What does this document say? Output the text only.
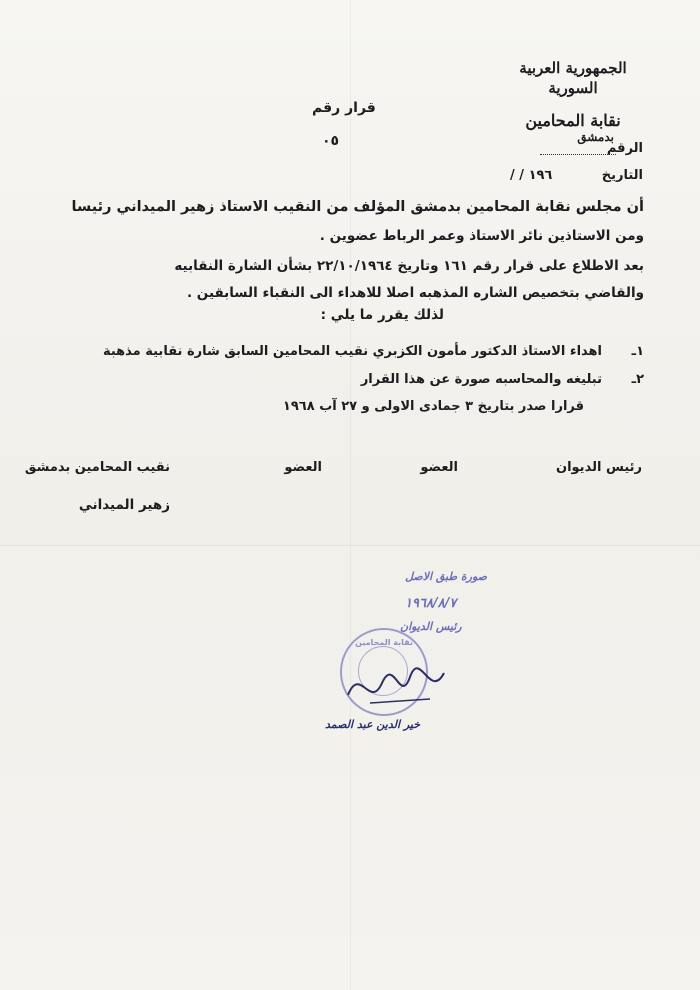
الجمهورية العربية السورية
نقابة المحامين
بدمشق
قرار رقم
٠٥	الرقم
التاريخ
/ / ١٩٦

أن مجلس نقابة المحامين بدمشق المؤلف من النقيب الاستاذ زهير الميداني رئيسا

ومن الاستاذين نائر الاستاذ وعمر الرباط عضوين .

بعد الاطلاع على قرار رقم ١٦١ وتاريخ ٢٢/١٠/١٩٦٤ بشأن الشارة النقابيه

والقاضي بتخصيص الشاره المذهبه اصلا للاهداء الى النقباء السابقين .

لذلك يقرر ما يلي :

١ـ
اهداء الاستاذ الدكتور مأمون الكزبري نقيب المحامين السابق شارة نقابية مذهبة
٢ـ
تبليغه والمحاسبه صورة عن هذا القرار
قرارا صدر بتاريخ ٣ جمادى الاولى و ٢٧ آب ١٩٦٨
رئيس الديوان
العضو
العضو
نقيب المحامين بدمشق
زهير الميداني
صورة طبق الاصل
١٩٦٨/٨/٧
رئيس الديوان
نقابة المحامين
خير الدين عبد الصمد
